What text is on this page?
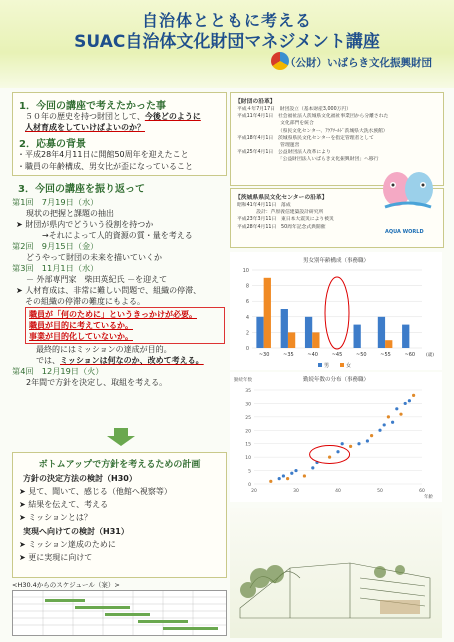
自治体とともに考える
SUAC自治体文化財団マネジメント講座
（公財）いばらき文化振興財団
1．今回の講座で考えたかった事
５０年の歴史を持つ財団として、今後どのように
人材育成をしていけばよいのか？
2．応募の背景
・平成28年4月11日に開館50周年を迎えたこと
・職員の年齢構成、男女比が歪になっていること
3．今回の講座を振り返って
第1回　7月19日（水）
現状の把握と課題の抽出
➤ 財団が県内でどういう役割を持つか
→それによって人的資源の質・量を考える
第2回　9月15日（金）
どうやって財団の未来を描いていくか
第3回　11月1日（水）
－ 外部専門家　柴田英紀氏 －を迎えて
➤ 人材育成は、非常に難しい問題で、組織の停滞、
その組織の停滞の難度にもよる。
職員が「何のために」というきっかけが必要。
職員が目的に考えているか。
事業が目的化していないか。
最終的にはミッションの達成が目的。
では、ミッションは何なのか、改めて考える。
第4回　12月19日（火）
2年間で方針を決定し、取組を考える。
ボトムアップで方針を考えるための計画
方針の決定方法の検討（H30）
➤ 見て、聞いて、感じる（他館へ視察等）
➤ 結果を伝えて、考える
➤ ミッションとは？
実現へ向けての検討（H31）
➤ ミッション達成のために
➤ 更に実現に向けて
<H30.4からのスケジュール（案）>
【財団の沿革】
平成４年7月17日　財団設立（基本財産3,000万円）
平成11年4月1日　社会福祉法人茨城県文化福祉事業団から分離された
　　　　　　　　　文化部門を統合
　　　　　　　　　（県民文化センター、ｱｸｱﾜｰﾙﾄﾞ茨城県大洗水族館）
平成18年4月1日　茨城県県民文化センターを指定管理者として
　　　　　　　　　管理運営
平成25年4月1日　公益財団法人改革により
　　　　　　　　　「公益財団法人いばらき文化振興財団」へ移行
【茨城県県民文化センターの沿革】
昭和41年4月11日　落成
　　　　設計：芦原義信建築設計研究所
平成23年3月11日　東日本大震災により被災
平成28年4月11日　50周年記念式典開催
AQUA WORLD
男女別年齢構成（事務職）
0
2
4
6
8
10
~30	~35	~40	~45	~50	~55	~60 (歳)
男	女
勤続年数の分布（事務職）
勤続年数
0
5
10
15
20
25
30
35
20	30	40	50	60
年齢
